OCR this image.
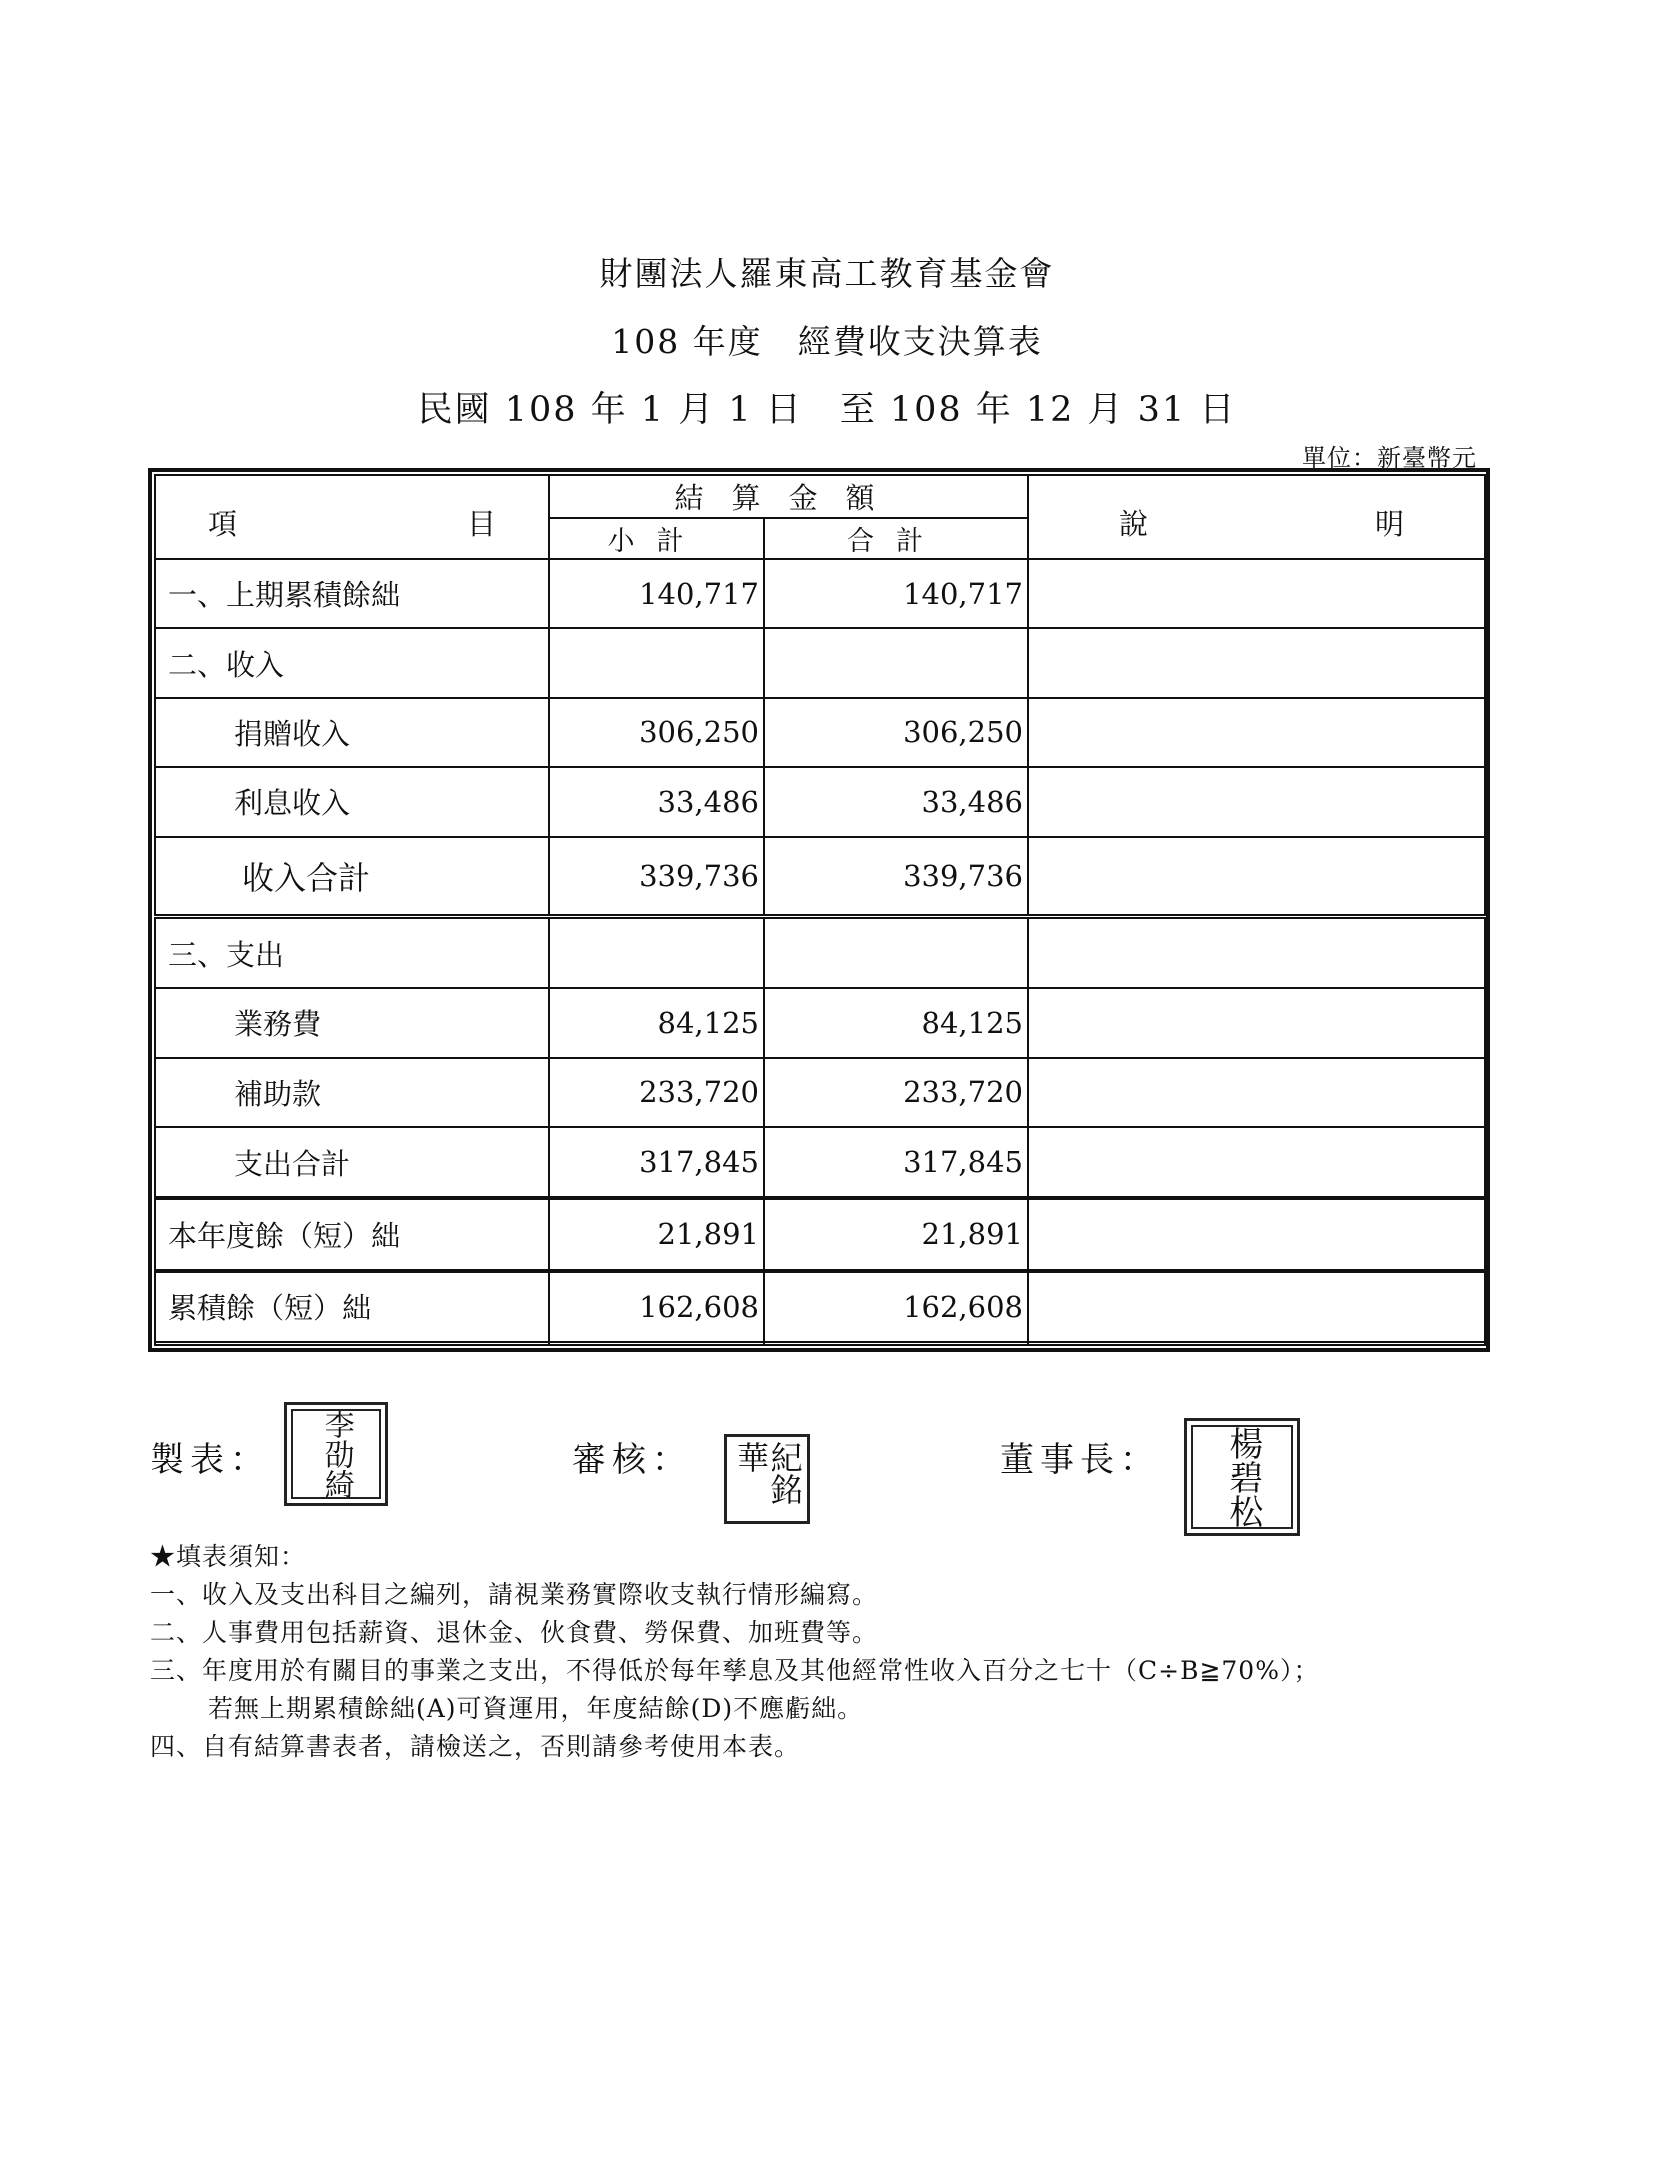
財團法人羅東高工教育基金會
108 年度　經費收支決算表
民國 108 年 1 月 1 日　至 108 年 12 月 31 日
單位：新臺幣元
項 目	結算金額		說 明

	小計	合計	
一、上期累積餘絀	140,717	140,717	
二、收入			
捐贈收入	306,250	306,250	
利息收入	33,486	33,486	
收入合計	339,736	339,736	
三、支出			
業務費	84,125	84,125	
補助款	233,720	233,720	
支出合計	317,845	317,845	
本年度餘（短）絀	21,891	21,891	
累積餘（短）絀	162,608	162,608	

製表：	李劭綺	審核：	紀銘華	董事長：	楊碧松
★填表須知：
一、收入及支出科目之編列，請視業務實際收支執行情形編寫。
二、人事費用包括薪資、退休金、伙食費、勞保費、加班費等。
三、年度用於有關目的事業之支出，不得低於每年孳息及其他經常性收入百分之七十（C÷B≧70%）；
若無上期累積餘絀(A)可資運用，年度結餘(D)不應虧絀。
四、自有結算書表者，請檢送之，否則請參考使用本表。
